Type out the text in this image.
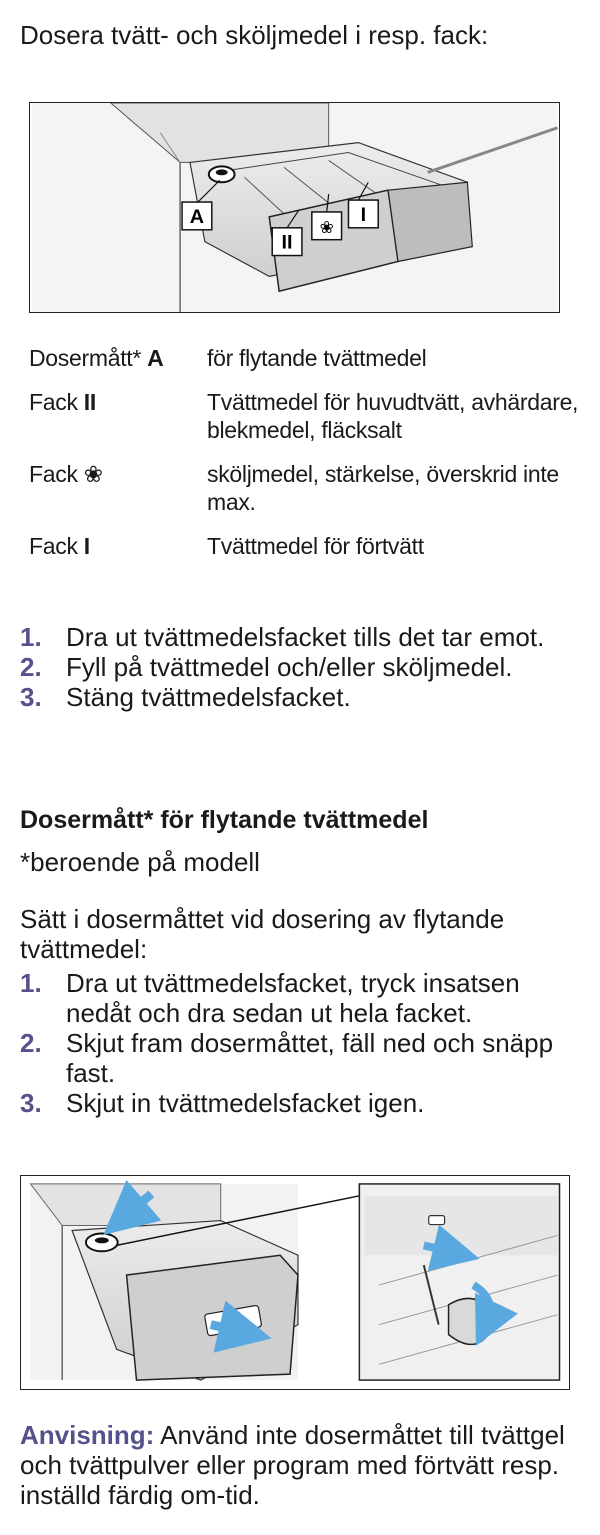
Dosera tvätt- och sköljmedel i resp. fack:
A
II
❀
I
Dosermått* A	för flytande tvättmedel
Fack II	Tvättmedel för huvudtvätt, avhärdare, blekmedel, fläcksalt
Fack ❀	sköljmedel, stärkelse, överskrid inte max.
Fack I	Tvättmedel för förtvätt
1. Dra ut tvättmedelsfacket tills det tar emot.
2. Fyll på tvättmedel och/eller sköljmedel.
3. Stäng tvättmedelsfacket.
Dosermått* för flytande tvättmedel
*beroende på modell
Sätt i dosermåttet vid dosering av flytande tvättmedel:
1. Dra ut tvättmedelsfacket, tryck insatsen nedåt och dra sedan ut hela facket.
2. Skjut fram dosermåttet, fäll ned och snäpp fast.
3. Skjut in tvättmedelsfacket igen.
Anvisning: Använd inte dosermåttet till tvättgel och tvättpulver eller program med förtvätt resp. inställd färdig om-tid.
